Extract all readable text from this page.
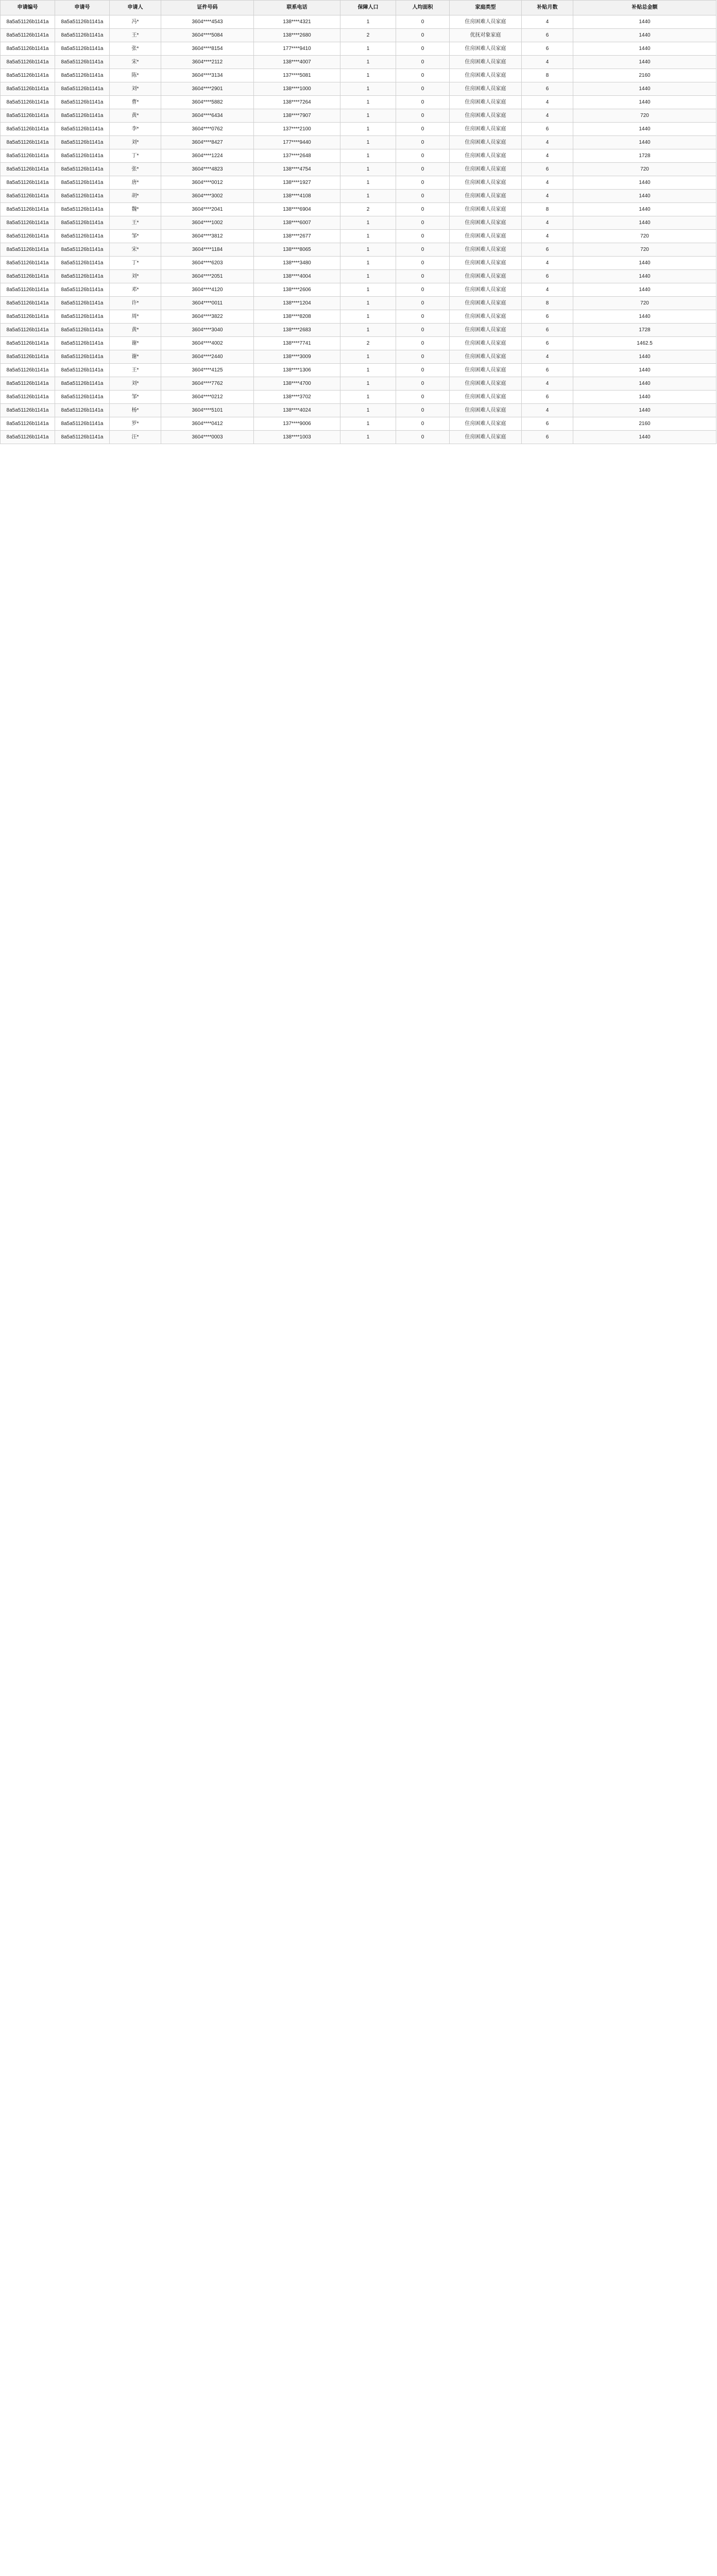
申请编号	申请号	申请人	证件号码	联系电话	保障人口	人均面积	家庭类型	补贴月数	补贴总金额
8a5a51126b1141a	8a5a51126b1141a	冯*	3604****4543	138****4321	1	0	住房困难人员家庭	4	1440
8a5a51126b1141a	8a5a51126b1141a	王*	3604****5084	138****2680	2	0	优抚对象家庭	6	1440
8a5a51126b1141a	8a5a51126b1141a	张*	3604****8154	177****9410	1	0	住房困难人员家庭	6	1440
8a5a51126b1141a	8a5a51126b1141a	宋*	3604****2112	138****4007	1	0	住房困难人员家庭	4	1440
8a5a51126b1141a	8a5a51126b1141a	陈*	3604****3134	137****5081	1	0	住房困难人员家庭	8	2160
8a5a51126b1141a	8a5a51126b1141a	刘*	3604****2901	138****1000	1	0	住房困难人员家庭	6	1440
8a5a51126b1141a	8a5a51126b1141a	曹*	3604****5882	138****7264	1	0	住房困难人员家庭	4	1440
8a5a51126b1141a	8a5a51126b1141a	黄*	3604****6434	138****7907	1	0	住房困难人员家庭	4	720
8a5a51126b1141a	8a5a51126b1141a	李*	3604****0762	137****2100	1	0	住房困难人员家庭	6	1440
8a5a51126b1141a	8a5a51126b1141a	刘*	3604****8427	177****9440	1	0	住房困难人员家庭	4	1440
8a5a51126b1141a	8a5a51126b1141a	丁*	3604****1224	137****2648	1	0	住房困难人员家庭	4	1728
8a5a51126b1141a	8a5a51126b1141a	张*	3604****4823	138****4754	1	0	住房困难人员家庭	6	720
8a5a51126b1141a	8a5a51126b1141a	唐*	3604****0012	138****1927	1	0	住房困难人员家庭	4	1440
8a5a51126b1141a	8a5a51126b1141a	胡*	3604****3002	138****4108	1	0	住房困难人员家庭	4	1440
8a5a51126b1141a	8a5a51126b1141a	魏*	3604****2041	138****6904	2	0	住房困难人员家庭	8	1440
8a5a51126b1141a	8a5a51126b1141a	王*	3604****1002	138****6007	1	0	住房困难人员家庭	4	1440
8a5a51126b1141a	8a5a51126b1141a	邹*	3604****3812	138****2677	1	0	住房困难人员家庭	4	720
8a5a51126b1141a	8a5a51126b1141a	宋*	3604****1184	138****8065	1	0	住房困难人员家庭	6	720
8a5a51126b1141a	8a5a51126b1141a	丁*	3604****6203	138****3480	1	0	住房困难人员家庭	4	1440
8a5a51126b1141a	8a5a51126b1141a	刘*	3604****2051	138****4004	1	0	住房困难人员家庭	6	1440
8a5a51126b1141a	8a5a51126b1141a	邓*	3604****4120	138****2606	1	0	住房困难人员家庭	4	1440
8a5a51126b1141a	8a5a51126b1141a	许*	3604****0011	138****1204	1	0	住房困难人员家庭	8	720
8a5a51126b1141a	8a5a51126b1141a	周*	3604****3822	138****8208	1	0	住房困难人员家庭	6	1440
8a5a51126b1141a	8a5a51126b1141a	黄*	3604****3040	138****2683	1	0	住房困难人员家庭	6	1728
8a5a51126b1141a	8a5a51126b1141a	谢*	3604****4002	138****7741	2	0	住房困难人员家庭	6	1462.5
8a5a51126b1141a	8a5a51126b1141a	谢*	3604****2440	138****3009	1	0	住房困难人员家庭	4	1440
8a5a51126b1141a	8a5a51126b1141a	王*	3604****4125	138****1306	1	0	住房困难人员家庭	6	1440
8a5a51126b1141a	8a5a51126b1141a	刘*	3604****7762	138****4700	1	0	住房困难人员家庭	4	1440
8a5a51126b1141a	8a5a51126b1141a	邹*	3604****0212	138****3702	1	0	住房困难人员家庭	6	1440
8a5a51126b1141a	8a5a51126b1141a	杨*	3604****5101	138****4024	1	0	住房困难人员家庭	4	1440
8a5a51126b1141a	8a5a51126b1141a	罗*	3604****0412	137****9006	1	0	住房困难人员家庭	6	2160
8a5a51126b1141a	8a5a51126b1141a	汪*	3604****0003	138****1003	1	0	住房困难人员家庭	6	1440
